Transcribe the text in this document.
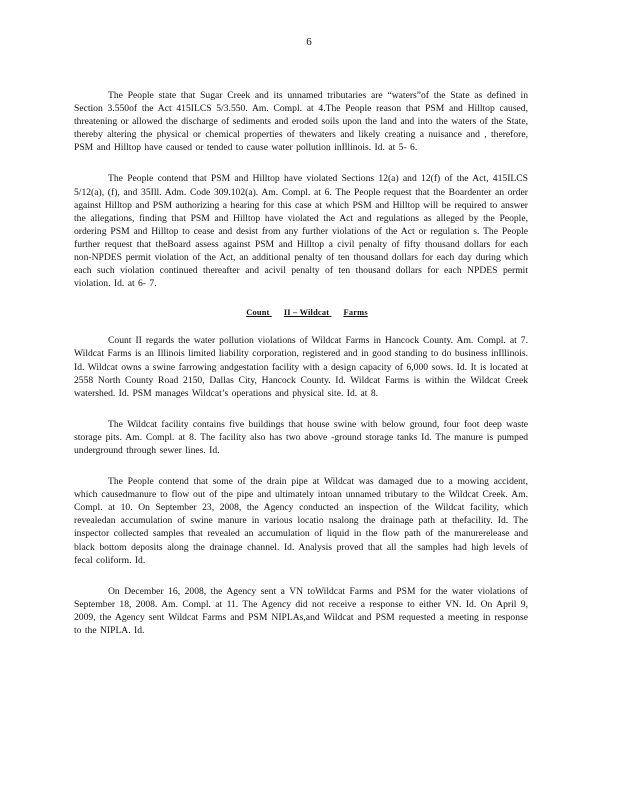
6

The People state that Sugar Creek and its unnamed tributaries are “waters”of the State as defined in Section 3.550of the Act 415ILCS 5/3.550. Am. Compl. at 4.The People reason that PSM and Hilltop caused, threatening or allowed the discharge of sediments and eroded soils upon the land and into the waters of the State, thereby altering the physical or chemical properties of thewaters and likely creating a nuisance and , therefore, PSM and Hilltop have caused or tended to cause water pollution inIllinois. Id. at 5- 6.

The People contend that PSM and Hilltop have violated Sections 12(a) and 12(f) of the Act, 415ILCS 5/12(a), (f), and 35Ill. Adm. Code 309.102(a). Am. Compl. at 6. The People request that the Boardenter an order against Hilltop and PSM authorizing a hearing for this case at which PSM and Hilltop will be required to answer the allegations, finding that PSM and Hilltop have violated the Act and regulations as alleged by the People, ordering PSM and Hilltop to cease and desist from any further violations of the Act or regulation s. The People further request that theBoard assess against PSM and Hilltop a civil penalty of fifty thousand dollars for each non-NPDES permit violation of the Act, an additional penalty of ten thousand dollars for each day during which each such violation continued thereafter and acivil penalty of ten thousand dollars for each NPDES permit violation. Id. at 6- 7.

Count II – Wildcat Farms

Count II regards the water pollution violations of Wildcat Farms in Hancock County. Am. Compl. at 7. Wildcat Farms is an Illinois limited liability corporation, registered and in good standing to do business inIllinois. Id. Wildcat owns a swine farrowing andgestation facility with a design capacity of 6,000 sows. Id. It is located at 2558 North County Road 2150, Dallas City, Hancock County. Id. Wildcat Farms is within the Wildcat Creek watershed. Id. PSM manages Wildcat’s operations and physical site. Id. at 8.

The Wildcat facility contains five buildings that house swine with below ground, four foot deep waste storage pits. Am. Compl. at 8. The facility also has two above -ground storage tanks Id. The manure is pumped underground through sewer lines. Id.

The People contend that some of the drain pipe at Wildcat was damaged due to a mowing accident, which causedmanure to flow out of the pipe and ultimately intoan unnamed tributary to the Wildcat Creek. Am. Compl. at 10. On September 23, 2008, the Agency conducted an inspection of the Wildcat facility, which revealedan accumulation of swine manure in various locatio nsalong the drainage path at thefacility. Id. The inspector collected samples that revealed an accumulation of liquid in the flow path of the manurerelease and black bottom deposits along the drainage channel. Id. Analysis proved that all the samples had high levels of fecal coliform. Id.

On December 16, 2008, the Agency sent a VN toWildcat Farms and PSM for the water violations of September 18, 2008. Am. Compl. at 11. The Agency did not receive a response to either VN. Id. On April 9, 2009, the Agency sent Wildcat Farms and PSM NIPLAs,and Wildcat and PSM requested a meeting in response to the NIPLA. Id.
